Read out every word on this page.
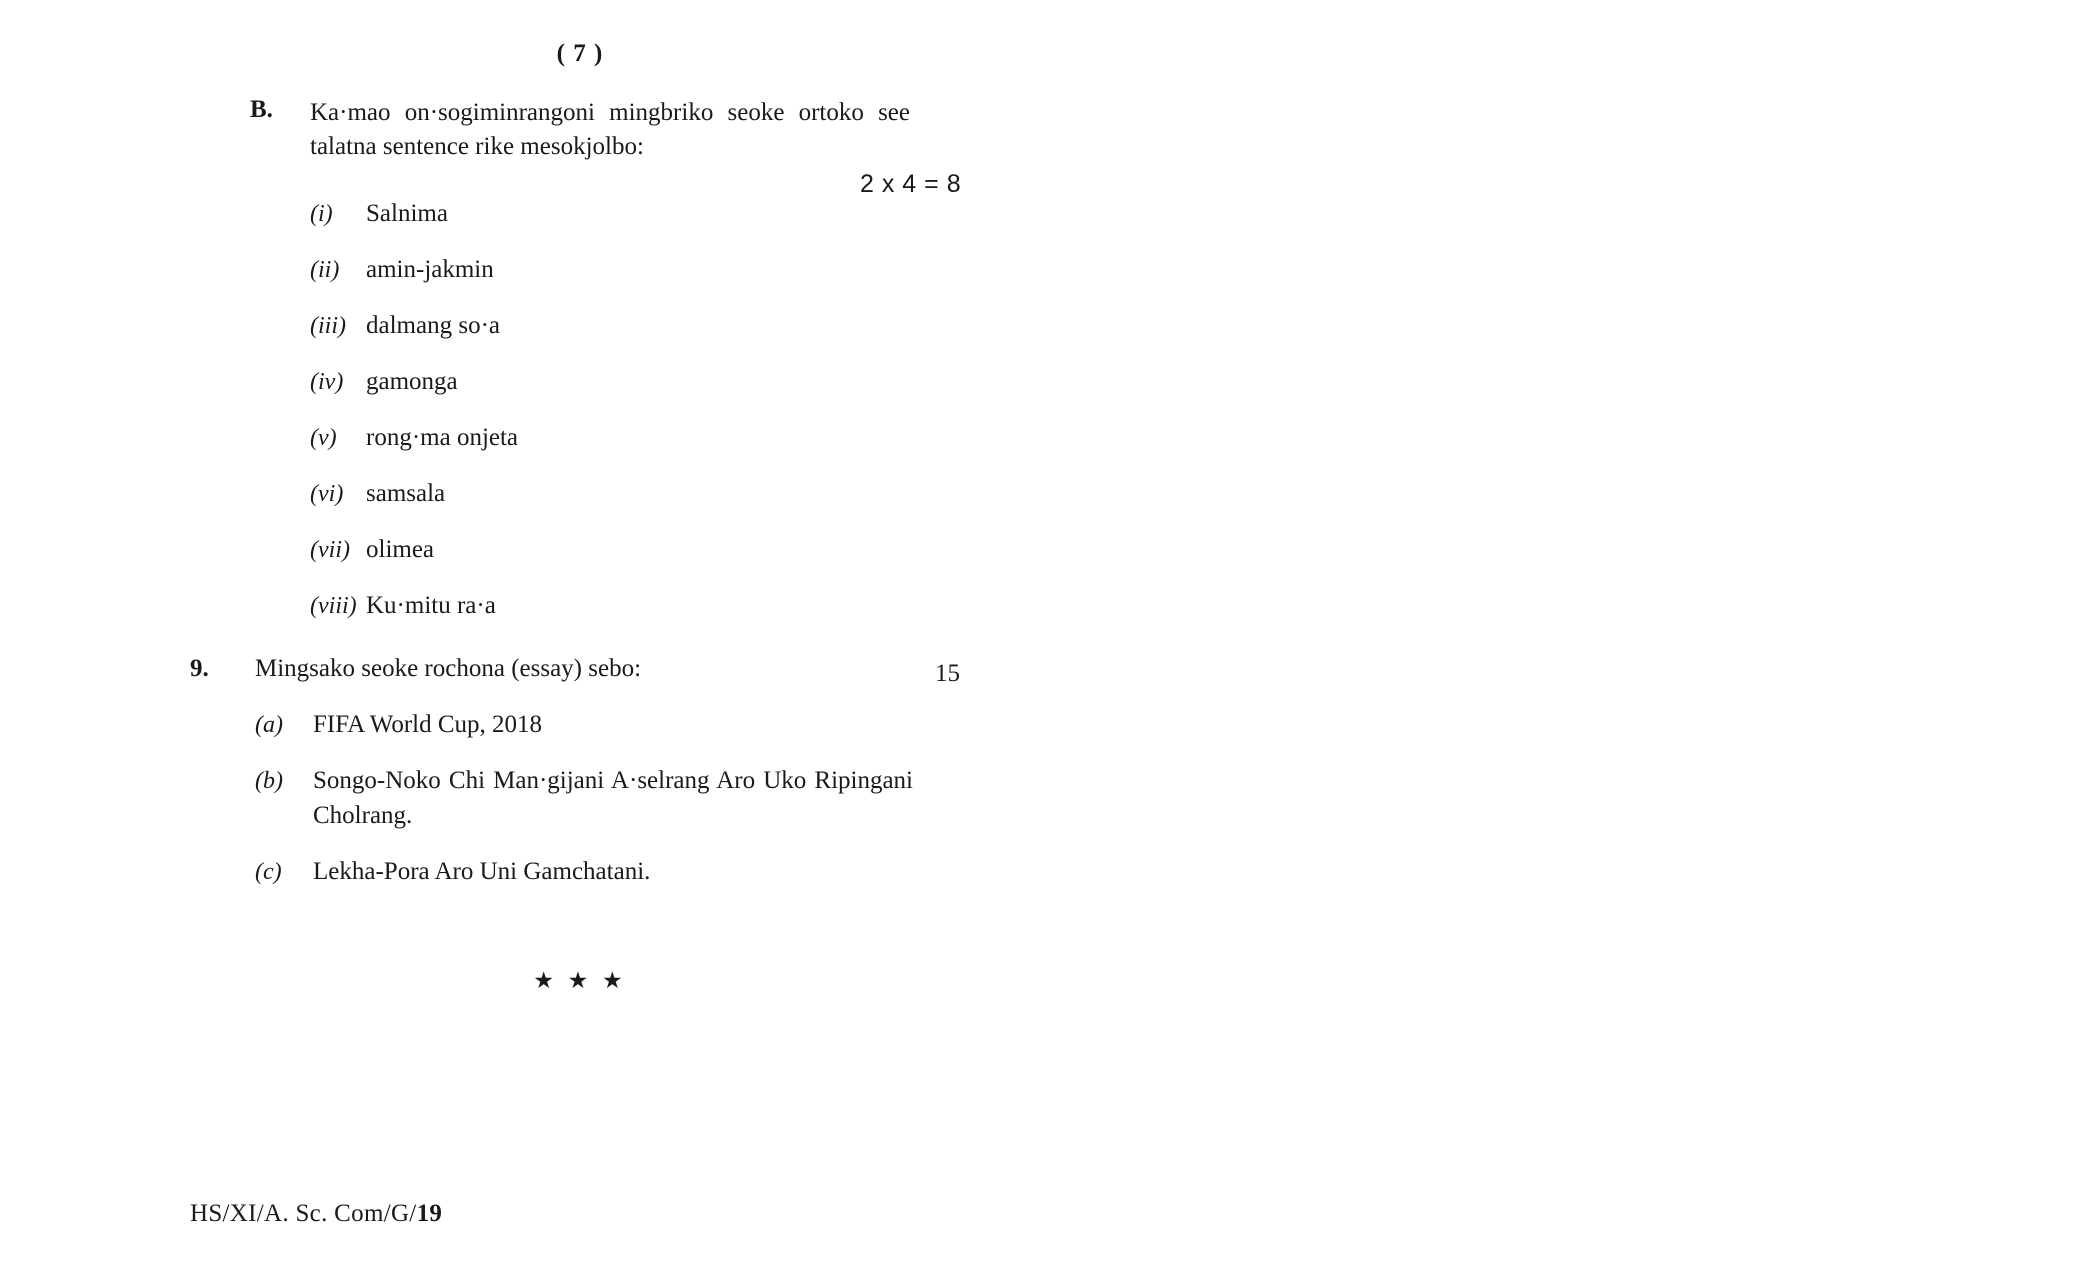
( 7 )
B. Ka·mao on·sogiminrangoni mingbriko seoke ortoko see talatna sentence rike mesokjolbo:
2 x 4 = 8
(i)	Salnima
(ii)	amin-jakmin
(iii) dalmang so·a
(iv) gamonga
(v)	rong·ma onjeta
(vi) samsala
(vii) olimea
(viii) Ku·mitu ra·a
9. Mingsako seoke rochona (essay) sebo:	15
(a)	FIFA World Cup, 2018
(b)	Songo-Noko Chi Man·gijani A·selrang Aro Uko Ripingani Cholrang.
(c)	Lekha-Pora Aro Uni Gamchatani.
★ ★ ★
HS/XI/A. Sc. Com/G/19
